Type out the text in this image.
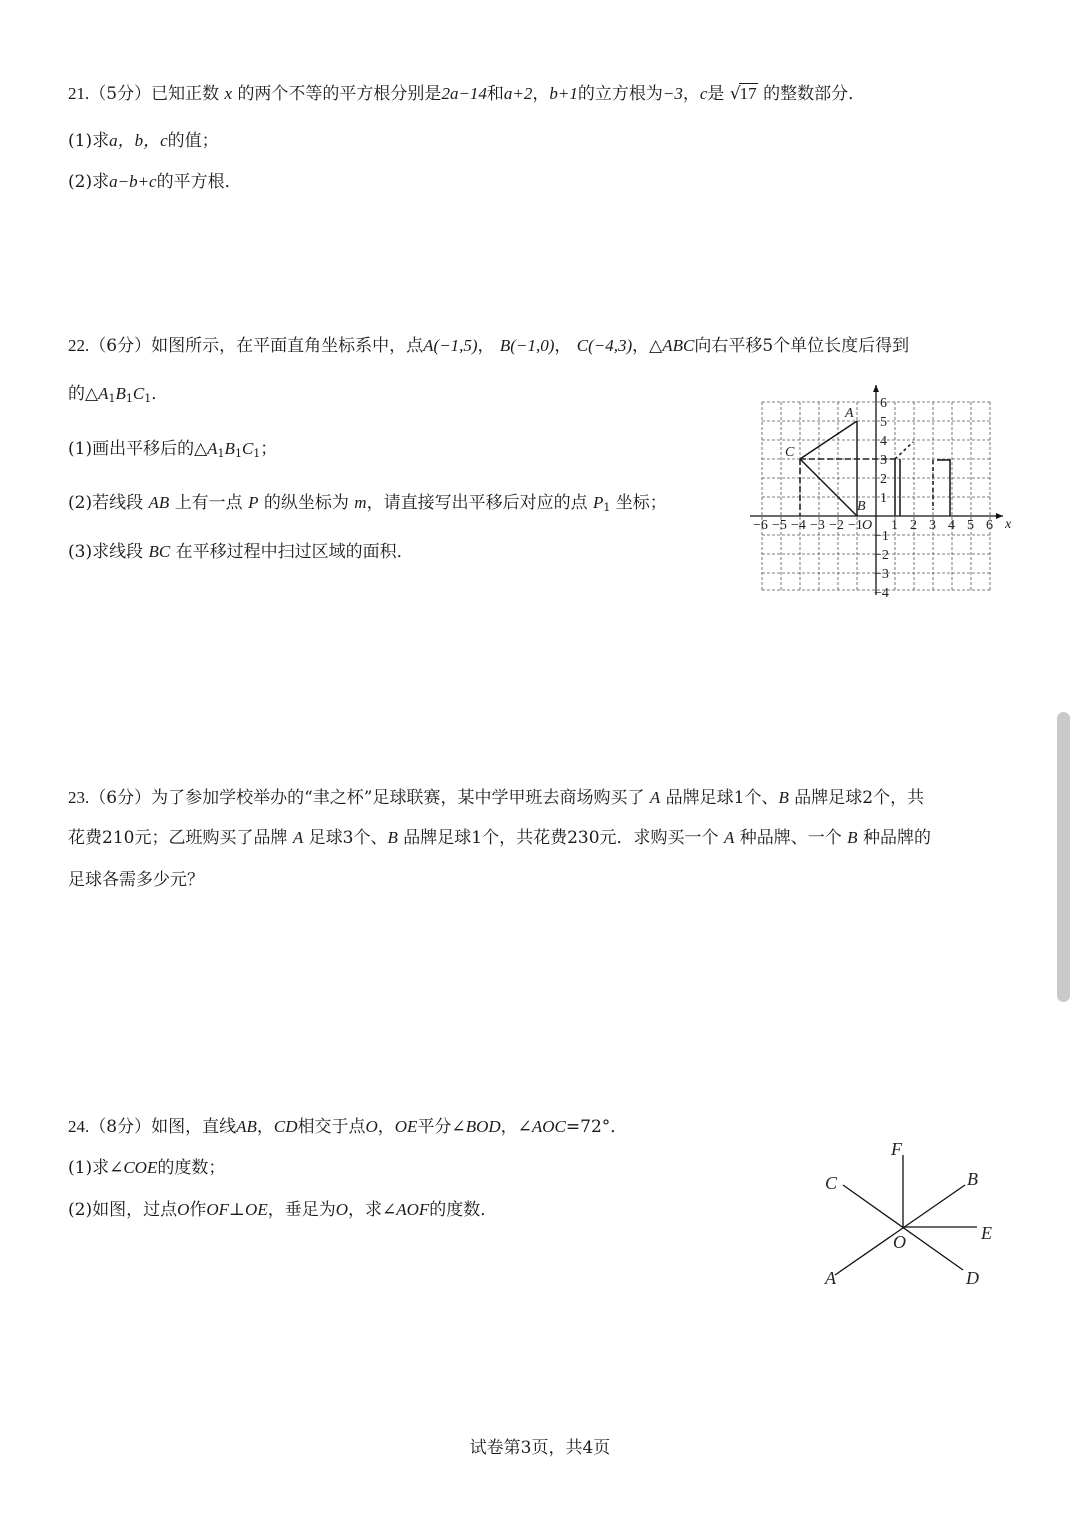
21.（5分）已知正数 x 的两个不等的平方根分别是2a−14和a+2，b+1的立方根为−3，c是 √17 的整数部分．
(1)求a，b，c的值；
(2)求a−b+c的平方根．
22.（6分）如图所示，在平面直角坐标系中，点A(−1,5)， B(−1,0)， C(−4,3)，△ABC向右平移5个单位长度后得到
的$\triangle A_1B_1C_1$．
(1)画出平移后的$\triangle A_1B_1C_1$；
(2)若线段 AB 上有一点 P 的纵坐标为 m，请直接写出平移后对应的点 $P_1$ 坐标；
(3)求线段 BC 在平移过程中扫过区域的面积．
x
O
−6 −5 −4 −3 −2 −1 1 2 3 4 5 6
1
2
3
4
5
6
−1
−2
−3
−4
A
B
C
23.（6分）为了参加学校举办的“聿之杯”足球联赛，某中学甲班去商场购买了 A 品牌足球1个、B 品牌足球2个，共
花费210元；乙班购买了品牌 A 足球3个、B 品牌足球1个，共花费230元．求购买一个 A 种品牌、一个 B 种品牌的
足球各需多少元？
24.（8分）如图，直线AB，CD相交于点O，OE平分∠BOD，∠AOC=72°．
(1)求∠COE的度数；
(2)如图，过点O作OF⊥OE，垂足为O，求∠AOF的度数．
F
C	B
E
O
A	D
试卷第3页，共4页
